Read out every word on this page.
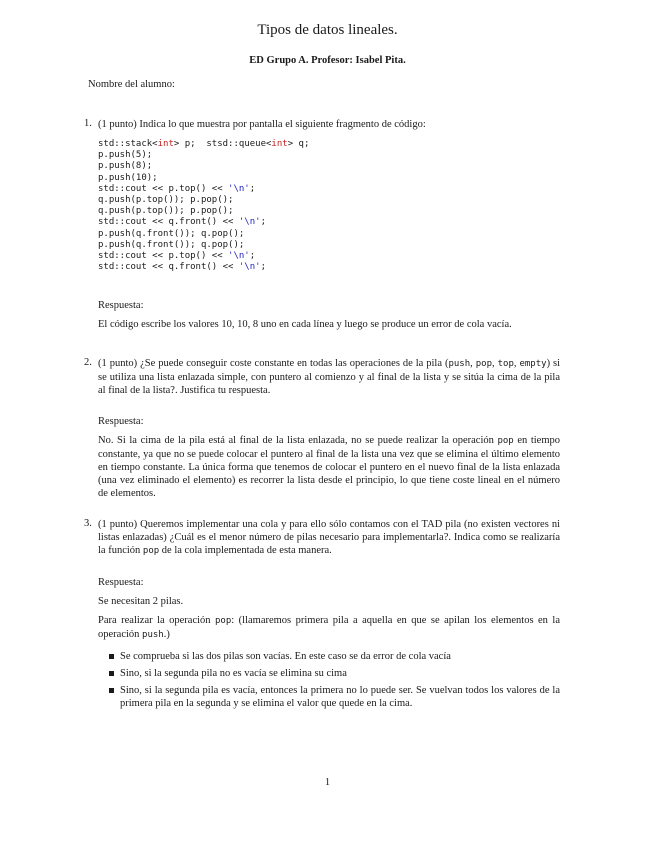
Tipos de datos lineales.
ED Grupo A. Profesor: Isabel Pita.
Nombre del alumno:
1. (1 punto) Indica lo que muestra por pantalla el siguiente fragmento de código:

std::stack<int> p;  stsd::queue<int> q;
p.push(5);
p.push(8);
p.push(10);
std::cout << p.top() << '\n';
q.push(p.top()); p.pop();
q.push(p.top()); p.pop();
std::cout << q.front() << '\n';
p.push(q.front()); q.pop();
p.push(q.front()); q.pop();
std::cout << p.top() << '\n';
std::cout << q.front() << '\n';

Respuesta:

El código escribe los valores 10, 10, 8 uno en cada línea y luego se produce un error de cola vacía.

2. (1 punto) ¿Se puede conseguir coste constante en todas las operaciones de la pila (push, pop, top, empty) si se utiliza una lista enlazada simple, con puntero al comienzo y al final de la lista y se sitúa la cima de la pila al final de la lista?. Justifica tu respuesta.

Respuesta:

No. Si la cima de la pila está al final de la lista enlazada, no se puede realizar la operación pop en tiempo constante, ya que no se puede colocar el puntero al final de la lista una vez que se elimina el último elemento en tiempo constante. La única forma que tenemos de colocar el puntero en el nuevo final de la lista enlazada (una vez eliminado el elemento) es recorrer la lista desde el principio, lo que tiene coste lineal en el número de elementos.

3. (1 punto) Queremos implementar una cola y para ello sólo contamos con el TAD pila (no existen vectores ni listas enlazadas) ¿Cuál es el menor número de pilas necesario para implementarla?. Indica como se realizaría la función pop de la cola implementada de esta manera.

Respuesta:

Se necesitan 2 pilas.

Para realizar la operación pop: (llamaremos primera pila a aquella en que se apilan los elementos en la operación push.)

Se comprueba si las dos pilas son vacías. En este caso se da error de cola vacía
Sino, si la segunda pila no es vacía se elimina su cima
Sino, si la segunda pila es vacía, entonces la primera no lo puede ser. Se vuelvan todos los valores de la primera pila en la segunda y se elimina el valor que quede en la cima.
1
